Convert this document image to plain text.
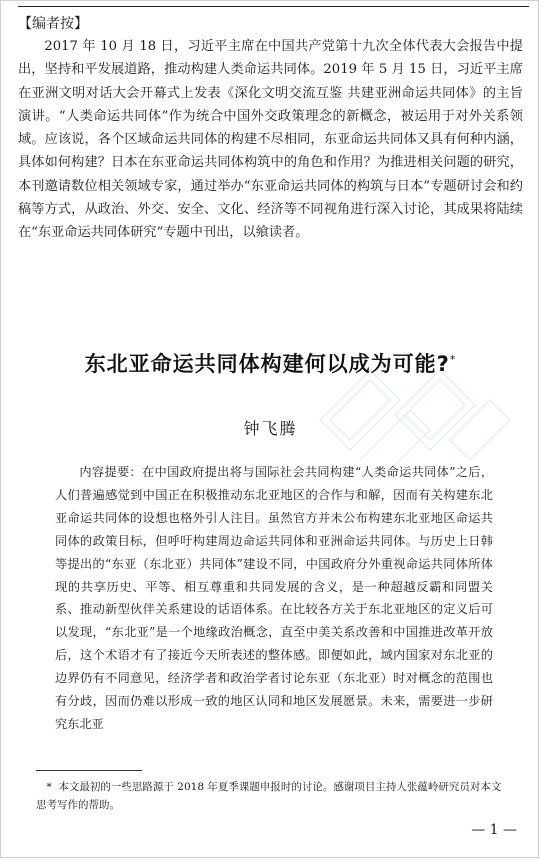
【编者按】

2017 年 10 月 18 日，习近平主席在中国共产党第十九次全体代表大会报告中提出，坚持和平发展道路，推动构建人类命运共同体。2019 年 5 月 15 日，习近平主席在亚洲文明对话大会开幕式上发表《深化文明交流互鉴 共建亚洲命运共同体》的主旨演讲。“人类命运共同体”作为统合中国外交政策理念的新概念，被运用于对外关系领域。应该说，各个区域命运共同体的构建不尽相同，东亚命运共同体又具有何种内涵，具体如何构建？日本在东亚命运共同体构筑中的角色和作用？为推进相关问题的研究，本刊邀请数位相关领域专家，通过举办“东亚命运共同体的构筑与日本”专题研讨会和约稿等方式，从政治、外交、安全、文化、经济等不同视角进行深入讨论，其成果将陆续在“东亚命运共同体研究”专题中刊出，以飨读者。

东北亚命运共同体构建何以成为可能?*

钟飞腾

内容提要：在中国政府提出将与国际社会共同构建“人类命运共同体”之后，人们普遍感觉到中国正在积极推动东北亚地区的合作与和解，因而有关构建东北亚命运共同体的设想也格外引人注目。虽然官方并未公布构建东北亚地区命运共同体的政策目标，但呼吁构建周边命运共同体和亚洲命运共同体。与历史上日韩等提出的“东亚（东北亚）共同体”建设不同，中国政府分外重视命运共同体所体现的共享历史、平等、相互尊重和共同发展的含义，是一种超越反霸和同盟关系、推动新型伙伴关系建设的话语体系。在比较各方关于东北亚地区的定义后可以发现，“东北亚”是一个地缘政治概念，直至中美关系改善和中国推进改革开放后，这个术语才有了接近今天所表述的整体感。即便如此，域内国家对东北亚的边界仍有不同意见，经济学者和政治学者讨论东亚（东北亚）时对概念的范围也有分歧，因而仍难以形成一致的地区认同和地区发展愿景。未来，需要进一步研究东北亚

* 本文最初的一些思路源于 2018 年夏季课题申报时的讨论。感谢项目主持人张蕴岭研究员对本文思考写作的帮助。

— 1 —
